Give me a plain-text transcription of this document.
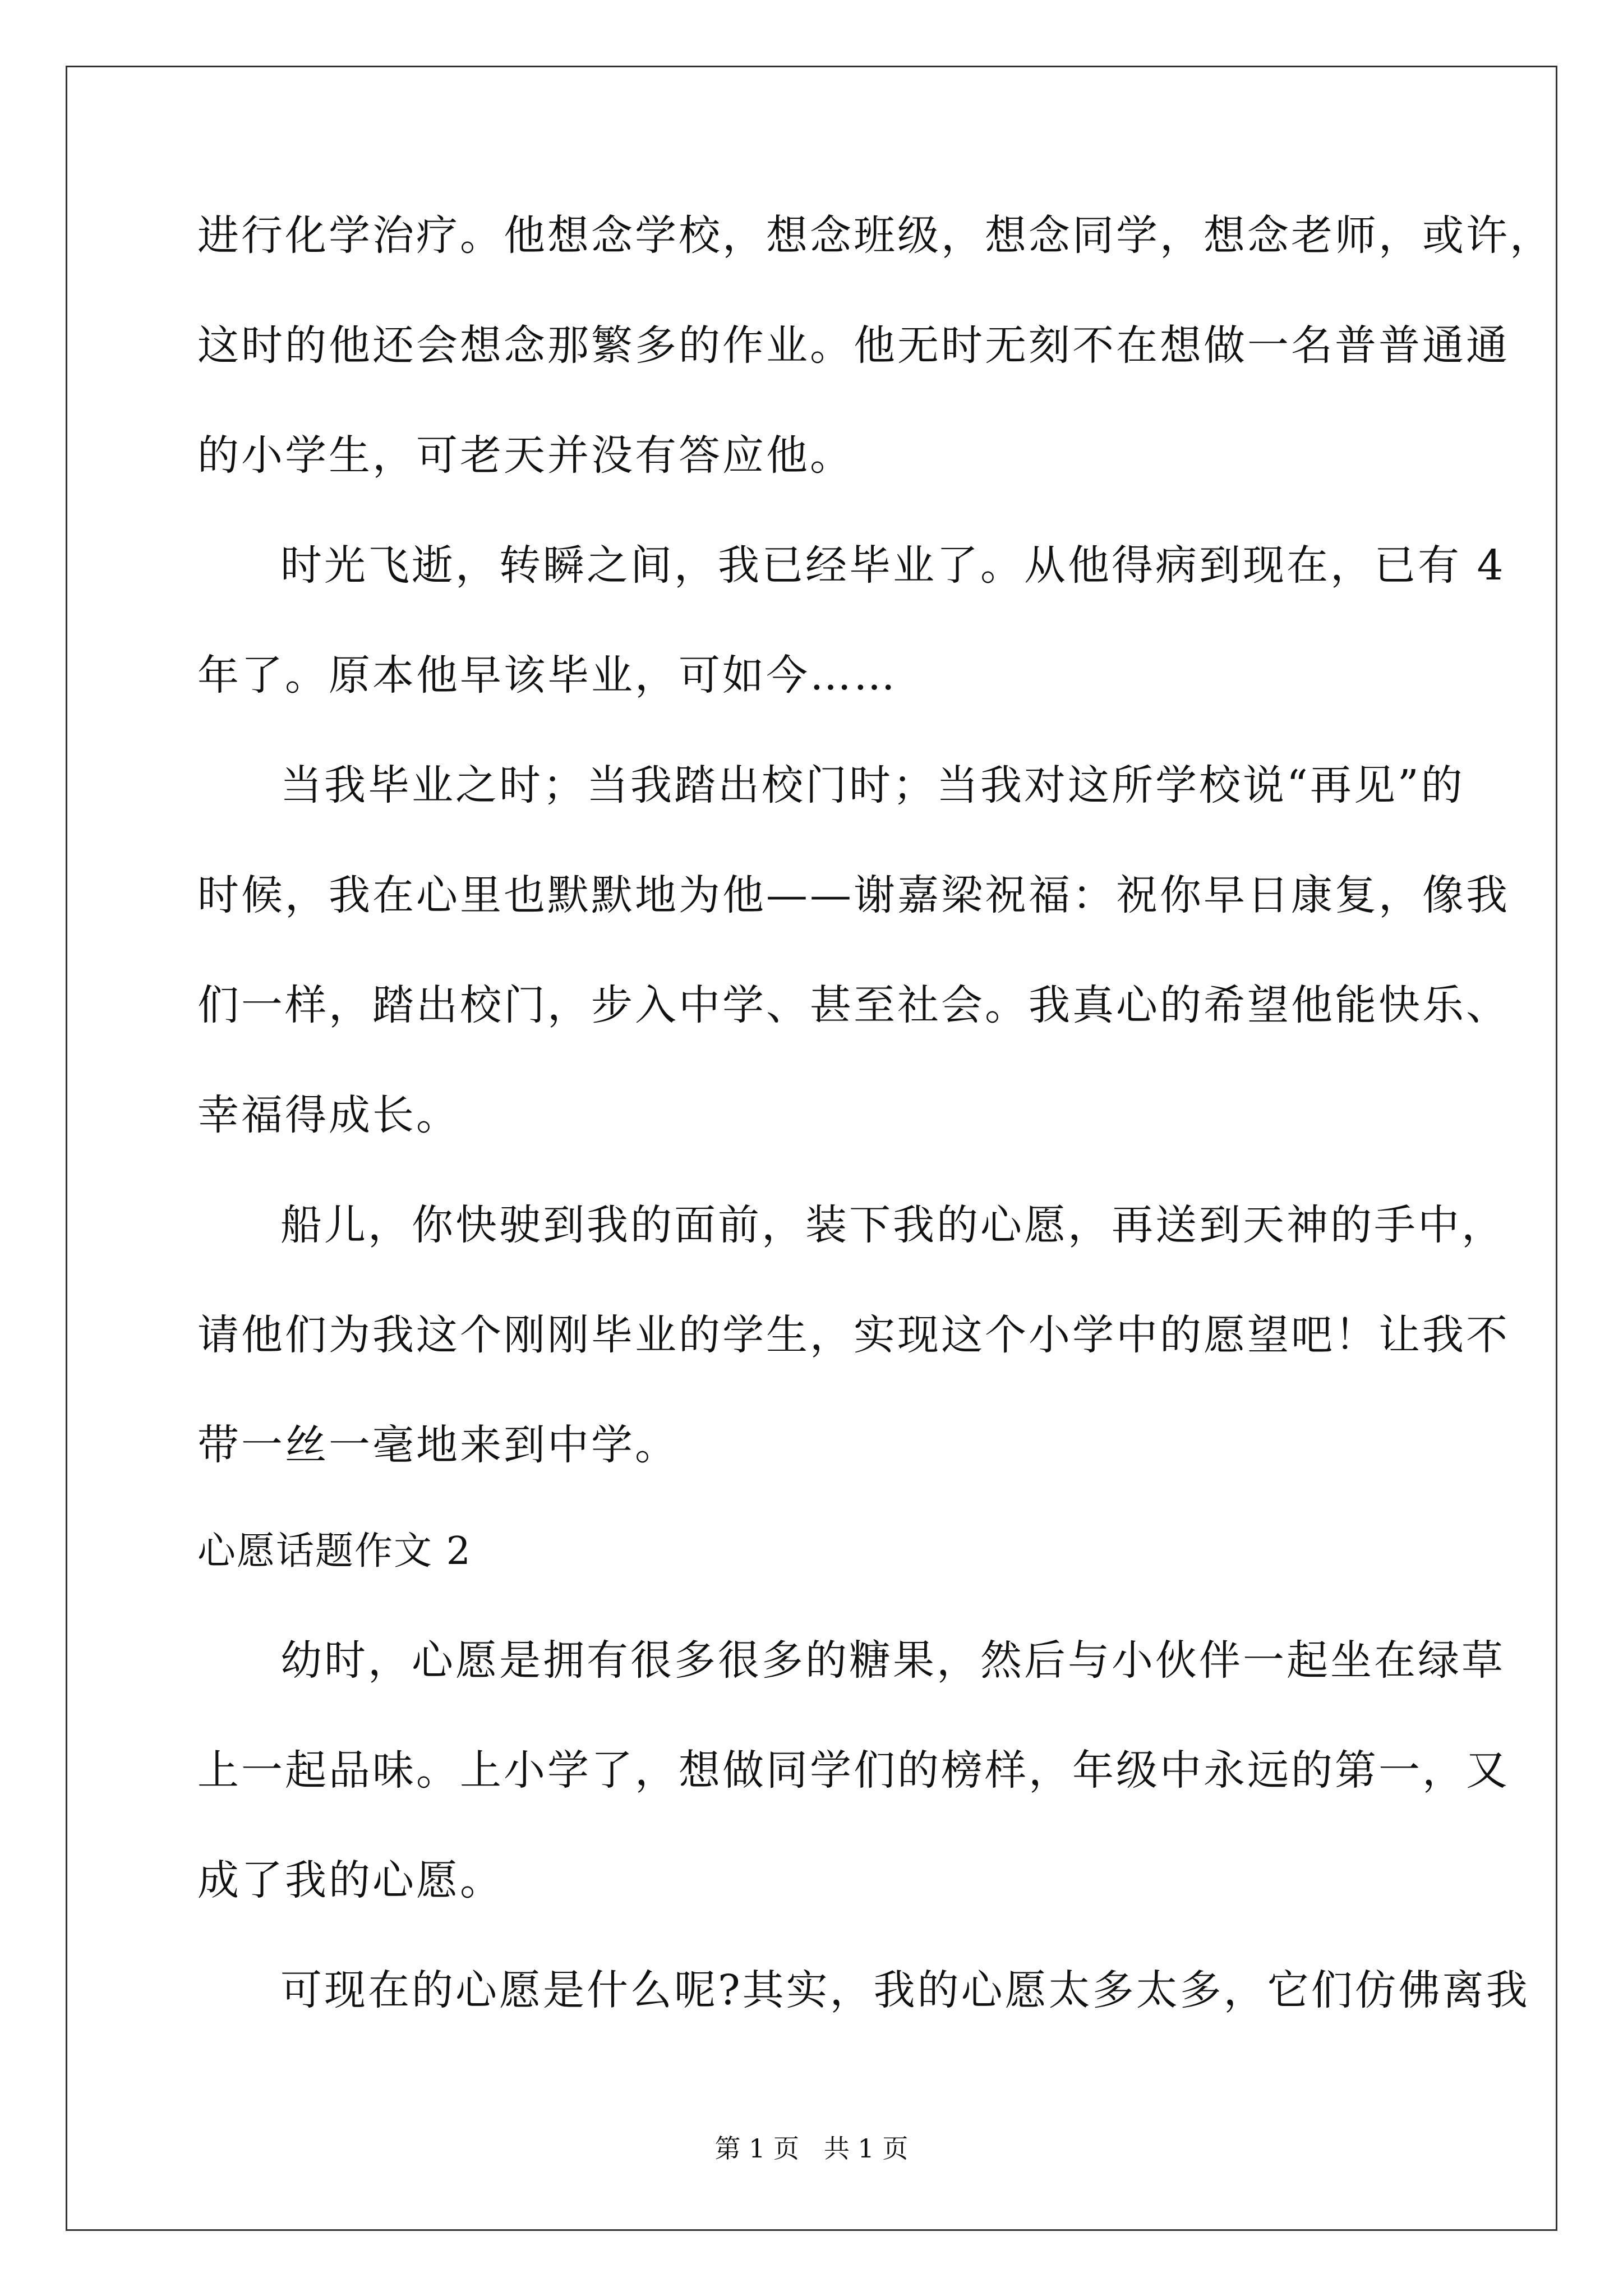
进行化学治疗。他想念学校，想念班级，想念同学，想念老师，或许，
这时的他还会想念那繁多的作业。他无时无刻不在想做一名普普通通
的小学生，可老天并没有答应他。
时光飞逝，转瞬之间，我已经毕业了。从他得病到现在，已有 4
年了。原本他早该毕业，可如今……
当我毕业之时；当我踏出校门时；当我对这所学校说“再见”的
时候，我在心里也默默地为他——谢嘉梁祝福：祝你早日康复，像我
们一样，踏出校门，步入中学、甚至社会。我真心的希望他能快乐、
幸福得成长。
船儿，你快驶到我的面前，装下我的心愿，再送到天神的手中，
请他们为我这个刚刚毕业的学生，实现这个小学中的愿望吧！让我不
带一丝一毫地来到中学。
心愿话题作文 2
幼时，心愿是拥有很多很多的糖果，然后与小伙伴一起坐在绿草
上一起品味。上小学了，想做同学们的榜样，年级中永远的第一，又
成了我的心愿。
可现在的心愿是什么呢?其实，我的心愿太多太多，它们仿佛离我
第 1 页   共 1 页
